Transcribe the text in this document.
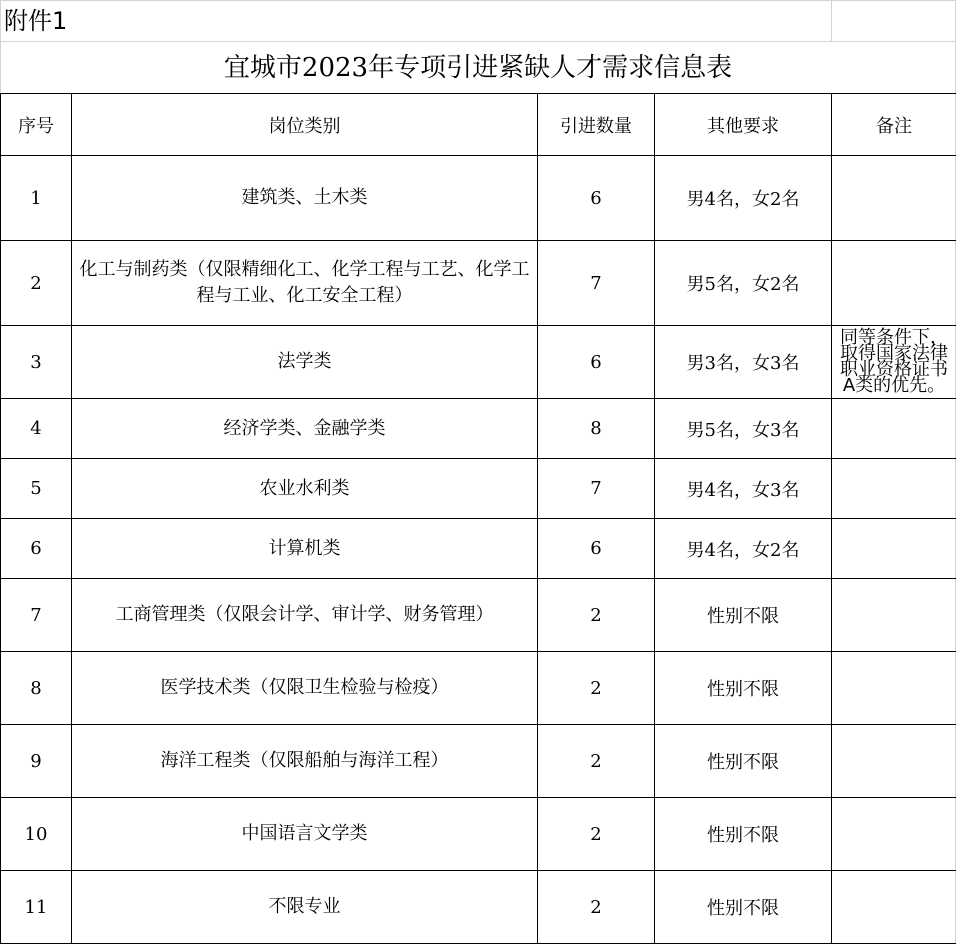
附件1
宜城市2023年专项引进紧缺人才需求信息表
序号	岗位类别	引进数量	其他要求	备注
1	建筑类、土木类	6	男4名，女2名	
2	化工与制药类（仅限精细化工、化学工程与工艺、化学工程与工业、化工安全工程）	7	男5名，女2名	
3	法学类	6	男3名，女3名	同等条件下，取得国家法律职业资格证书A类的优先。
4	经济学类、金融学类	8	男5名，女3名	
5	农业水利类	7	男4名，女3名	
6	计算机类	6	男4名，女2名	
7	工商管理类（仅限会计学、审计学、财务管理）	2	性别不限	
8	医学技术类（仅限卫生检验与检疫）	2	性别不限	
9	海洋工程类（仅限船舶与海洋工程）	2	性别不限	
10	中国语言文学类	2	性别不限	
11	不限专业	2	性别不限	
